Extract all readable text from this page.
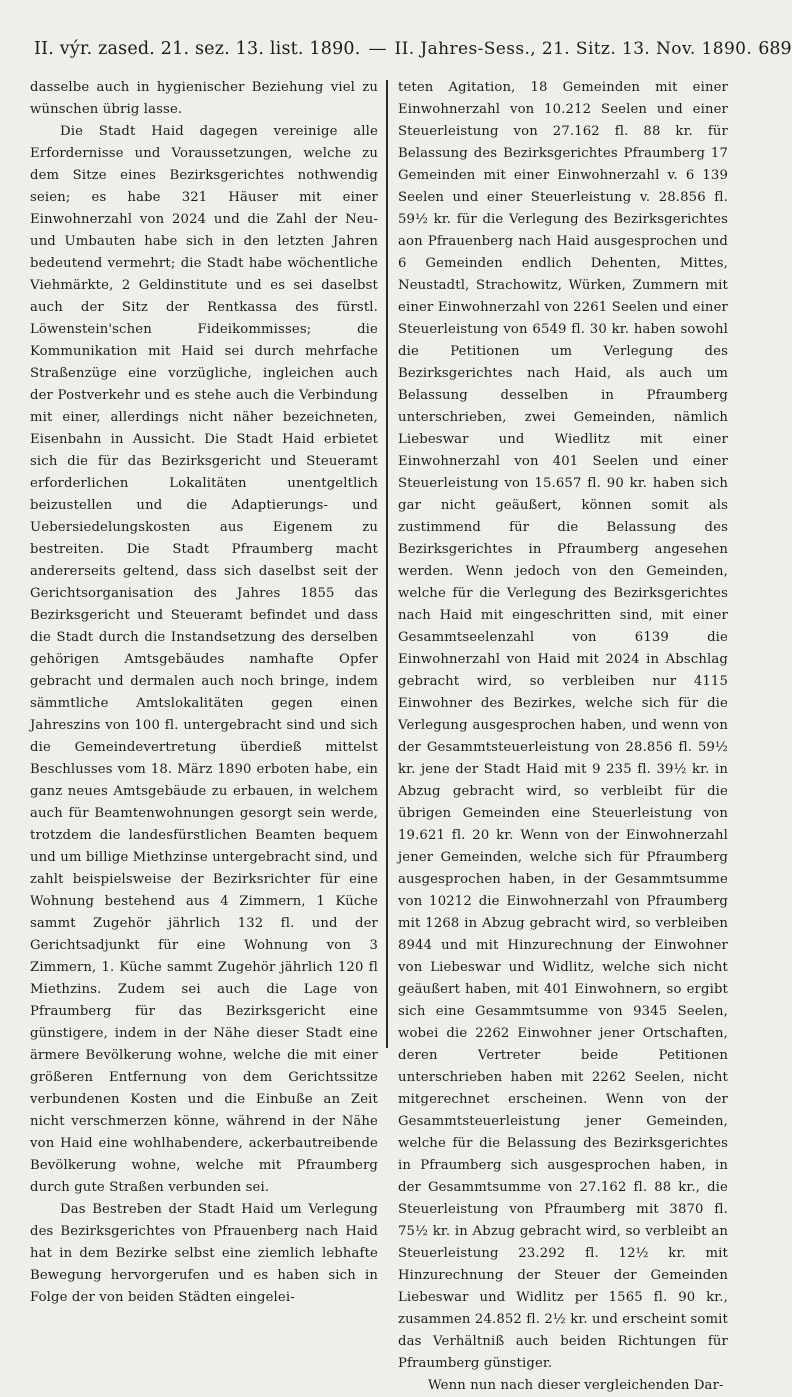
II. výr. zased. 21. sez. 13. list. 1890. — II. Jahres-Sess., 21. Sitz. 13. Nov. 1890. 689

dasselbe auch in hygienischer Beziehung viel zu wünschen übrig lasse.

Die Stadt Haid dagegen vereinige alle Erfordernisse und Voraussetzungen, welche zu dem Sitze eines Bezirksgerichtes nothwendig seien; es habe 321 Häuser mit einer Einwohnerzahl von 2024 und die Zahl der Neu- und Umbauten habe sich in den letzten Jahren bedeutend vermehrt; die Stadt habe wöchentliche Viehmärkte, 2 Geldinstitute und es sei daselbst auch der Sitz der Rentkassa des fürstl. Löwenstein'schen Fideikommisses; die Kommunikation mit Haid sei durch mehrfache Straßenzüge eine vorzügliche, ingleichen auch der Postverkehr und es stehe auch die Verbindung mit einer, allerdings nicht näher bezeichneten, Eisenbahn in Aussicht. Die Stadt Haid erbietet sich die für das Bezirksgericht und Steueramt erforderlichen Lokalitäten unentgeltlich beizustellen und die Adaptierungs- und Uebersiedelungskosten aus Eigenem zu bestreiten. Die Stadt Pfraumberg macht andererseits geltend, dass sich daselbst seit der Gerichtsorganisation des Jahres 1855 das Bezirksgericht und Steueramt befindet und dass die Stadt durch die Instandsetzung des derselben gehörigen Amtsgebäudes namhafte Opfer gebracht und dermalen auch noch bringe, indem sämmtliche Amtslokalitäten gegen einen Jahreszins von 100 fl. untergebracht sind und sich die Gemeindevertretung überdieß mittelst Beschlusses vom 18. März 1890 erboten habe, ein ganz neues Amtsgebäude zu erbauen, in welchem auch für Beamtenwohnungen gesorgt sein werde, trotzdem die landesfürstlichen Beamten bequem und um billige Miethzinse untergebracht sind, und zahlt beispielsweise der Bezirksrichter für eine Wohnung bestehend aus 4 Zimmern, 1 Küche sammt Zugehör jährlich 132 fl. und der Gerichtsadjunkt für eine Wohnung von 3 Zimmern, 1. Küche sammt Zugehör jährlich 120 fl Miethzins. Zudem sei auch die Lage von Pfraumberg für das Bezirksgericht eine günstigere, indem in der Nähe dieser Stadt eine ärmere Bevölkerung wohne, welche die mit einer größeren Entfernung von dem Gerichtssitze verbundenen Kosten und die Einbuße an Zeit nicht verschmerzen könne, während in der Nähe von Haid eine wohlhabendere, ackerbautreibende Bevölkerung wohne, welche mit Pfraumberg durch gute Straßen verbunden sei.

Das Bestreben der Stadt Haid um Verlegung des Bezirksgerichtes von Pfrauenberg nach Haid hat in dem Bezirke selbst eine ziemlich lebhafte Bewegung hervorgerufen und es haben sich in Folge der von beiden Städten eingelei-

teten Agitation, 18 Gemeinden mit einer Einwohnerzahl von 10.212 Seelen und einer Steuerleistung von 27.162 fl. 88 kr. für Belassung des Bezirksgerichtes Pfraumberg 17 Gemeinden mit einer Einwohnerzahl v. 6 139 Seelen und einer Steuerleistung v. 28.856 fl. 59½ kr. für die Verlegung des Bezirksgerichtes aon Pfrauenberg nach Haid ausgesprochen und 6 Gemeinden endlich Dehenten, Mittes, Neustadtl, Strachowitz, Würken, Zummern mit einer Einwohnerzahl von 2261 Seelen und einer Steuerleistung von 6549 fl. 30 kr. haben sowohl die Petitionen um Verlegung des Bezirksgerichtes nach Haid, als auch um Belassung desselben in Pfraumberg unterschrieben, zwei Gemeinden, nämlich Liebeswar und Wiedlitz mit einer Einwohnerzahl von 401 Seelen und einer Steuerleistung von 15.657 fl. 90 kr. haben sich gar nicht geäußert, können somit als zustimmend für die Belassung des Bezirksgerichtes in Pfraumberg angesehen werden. Wenn jedoch von den Gemeinden, welche für die Verlegung des Bezirksgerichtes nach Haid mit eingeschritten sind, mit einer Gesammtseelenzahl von 6139 die Einwohnerzahl von Haid mit 2024 in Abschlag gebracht wird, so verbleiben nur 4115 Einwohner des Bezirkes, welche sich für die Verlegung ausgesprochen haben, und wenn von der Gesammtsteuerleistung von 28.856 fl. 59½ kr. jene der Stadt Haid mit 9 235 fl. 39½ kr. in Abzug gebracht wird, so verbleibt für die übrigen Gemeinden eine Steuerleistung von 19.621 fl. 20 kr. Wenn von der Einwohnerzahl jener Gemeinden, welche sich für Pfraumberg ausgesprochen haben, in der Gesammtsumme von 10212 die Einwohnerzahl von Pfraumberg mit 1268 in Abzug gebracht wird, so verbleiben 8944 und mit Hinzurechnung der Einwohner von Liebeswar und Widlitz, welche sich nicht geäußert haben, mit 401 Einwohnern, so ergibt sich eine Gesammtsumme von 9345 Seelen, wobei die 2262 Einwohner jener Ortschaften, deren Vertreter beide Petitionen unterschrieben haben mit 2262 Seelen, nicht mitgerechnet erscheinen. Wenn von der Gesammtsteuerleistung jener Gemeinden, welche für die Belassung des Bezirksgerichtes in Pfraumberg sich ausgesprochen haben, in der Gesammtsumme von 27.162 fl. 88 kr., die Steuerleistung von Pfraumberg mit 3870 fl. 75½ kr. in Abzug gebracht wird, so verbleibt an Steuerleistung 23.292 fl. 12½ kr. mit Hinzurechnung der Steuer der Gemeinden Liebeswar und Widlitz per 1565 fl. 90 kr., zusammen 24.852 fl. 2½ kr. und erscheint somit das Verhältniß auch beiden Richtungen für Pfraumberg günstiger.

Wenn nun nach dieser vergleichenden Dar-
